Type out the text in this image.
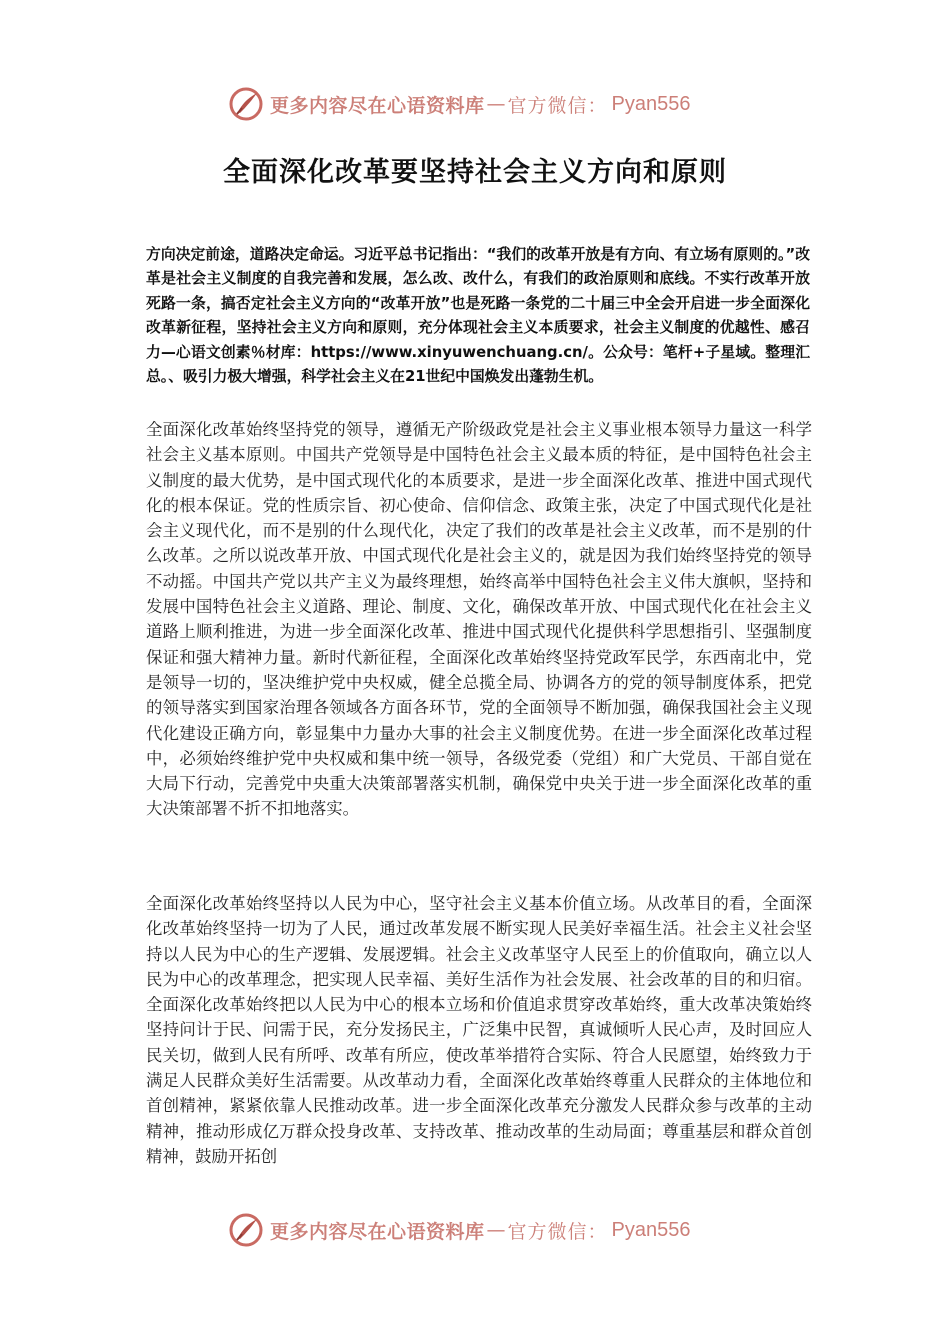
更多内容尽在心语资料库 — 官方微信： Pyan556
全面深化改革要坚持社会主义方向和原则

方向决定前途，道路决定命运。习近平总书记指出：“我们的改革开放是有方向、有立场有原则的。”改革是社会主义制度的自我完善和发展，怎么改、改什么，有我们的政治原则和底线。不实行改革开放死路一条，搞否定社会主义方向的“改革开放”也是死路一条党的二十届三中全会开启进一步全面深化改革新征程，坚持社会主义方向和原则，充分体现社会主义本质要求，社会主义制度的优越性、感召力—心语文创素％材库：https://www.xinyuwenchuang.cn/。公众号：笔杆+子星域。整理汇总。、吸引力极大增强，科学社会主义在21世纪中国焕发出蓬勃生机。

全面深化改革始终坚持党的领导，遵循无产阶级政党是社会主义事业根本领导力量这一科学社会主义基本原则。中国共产党领导是中国特色社会主义最本质的特征，是中国特色社会主义制度的最大优势，是中国式现代化的本质要求，是进一步全面深化改革、推进中国式现代化的根本保证。党的性质宗旨、初心使命、信仰信念、政策主张，决定了中国式现代化是社会主义现代化，而不是别的什么现代化，决定了我们的改革是社会主义改革，而不是别的什么改革。之所以说改革开放、中国式现代化是社会主义的，就是因为我们始终坚持党的领导不动摇。中国共产党以共产主义为最终理想，始终高举中国特色社会主义伟大旗帜，坚持和发展中国特色社会主义道路、理论、制度、文化，确保改革开放、中国式现代化在社会主义道路上顺利推进，为进一步全面深化改革、推进中国式现代化提供科学思想指引、坚强制度保证和强大精神力量。新时代新征程，全面深化改革始终坚持党政军民学，东西南北中，党是领导一切的，坚决维护党中央权威，健全总揽全局、协调各方的党的领导制度体系，把党的领导落实到国家治理各领域各方面各环节，党的全面领导不断加强，确保我国社会主义现代化建设正确方向，彰显集中力量办大事的社会主义制度优势。在进一步全面深化改革过程中，必须始终维护党中央权威和集中统一领导，各级党委（党组）和广大党员、干部自觉在大局下行动，完善党中央重大决策部署落实机制，确保党中央关于进一步全面深化改革的重大决策部署不折不扣地落实。

全面深化改革始终坚持以人民为中心，坚守社会主义基本价值立场。从改革目的看，全面深化改革始终坚持一切为了人民，通过改革发展不断实现人民美好幸福生活。社会主义社会坚持以人民为中心的生产逻辑、发展逻辑。社会主义改革坚守人民至上的价值取向，确立以人民为中心的改革理念，把实现人民幸福、美好生活作为社会发展、社会改革的目的和归宿。全面深化改革始终把以人民为中心的根本立场和价值追求贯穿改革始终，重大改革决策始终坚持问计于民、问需于民，充分发扬民主，广泛集中民智，真诚倾听人民心声，及时回应人民关切，做到人民有所呼、改革有所应，使改革举措符合实际、符合人民愿望，始终致力于满足人民群众美好生活需要。从改革动力看，全面深化改革始终尊重人民群众的主体地位和首创精神，紧紧依靠人民推动改革。进一步全面深化改革充分激发人民群众参与改革的主动精神，推动形成亿万群众投身改革、支持改革、推动改革的生动局面；尊重基层和群众首创精神，鼓励开拓创

更多内容尽在心语资料库 — 官方微信： Pyan556
